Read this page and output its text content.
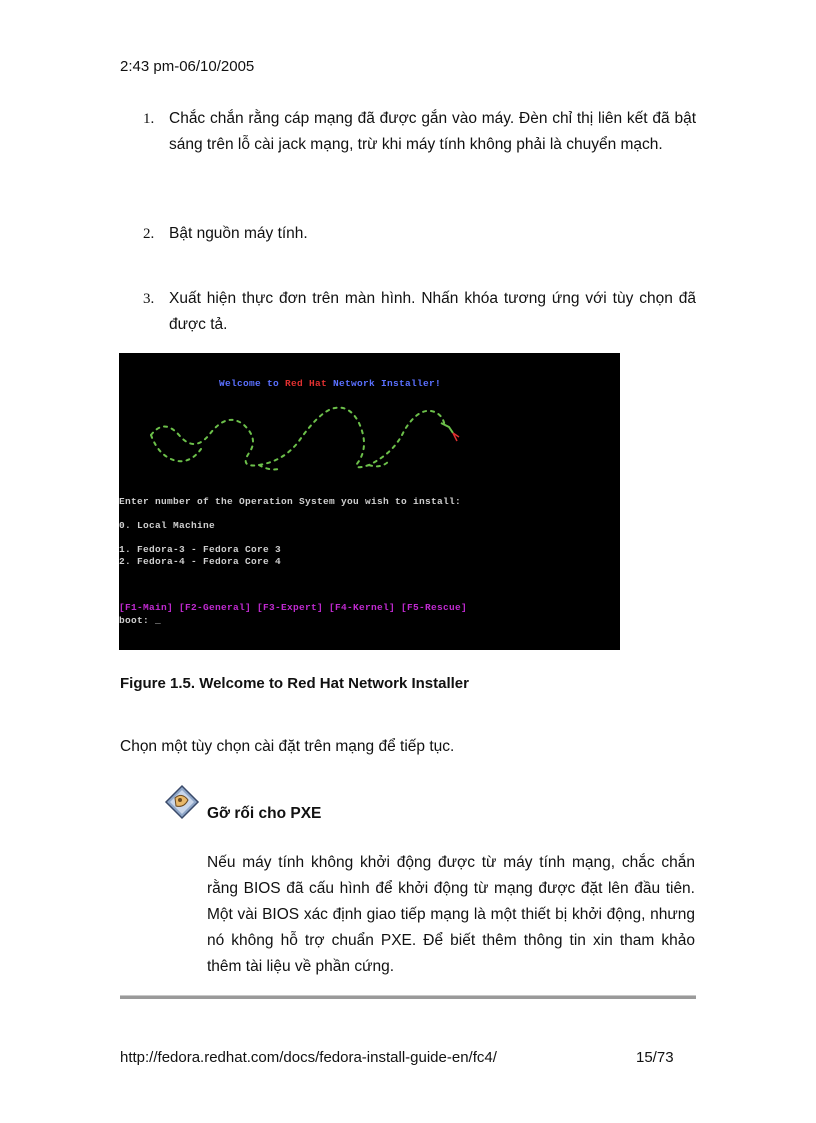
2:43 pm-06/10/2005
1. Chắc chắn rằng cáp mạng đã được gắn vào máy. Đèn chỉ thị liên kết đã bật sáng trên lỗ cài jack mạng, trừ khi máy tính không phải là chuyển mạch.
2. Bật nguồn máy tính.
3. Xuất hiện thực đơn trên màn hình. Nhấn khóa tương ứng với tùy chọn đã được tả.
Welcome to Red Hat Network Installer!
Enter number of the Operation System you wish to install:
0. Local Machine
1. Fedora-3 - Fedora Core 3
2. Fedora-4 - Fedora Core 4
[F1-Main] [F2-General] [F3-Expert] [F4-Kernel] [F5-Rescue]
boot: _
Figure 1.5. Welcome to Red Hat Network Installer
Chọn một tùy chọn cài đặt trên mạng để tiếp tục.
Gỡ rối cho PXE
Nếu máy tính không khởi động được từ máy tính mạng, chắc chắn rằng BIOS đã cấu hình để khởi động từ mạng được đặt lên đầu tiên. Một vài BIOS xác định giao tiếp mạng là một thiết bị khởi động, nhưng nó không hỗ trợ chuẩn PXE. Để biết thêm thông tin xin tham khảo thêm tài liệu về phần cứng.
http://fedora.redhat.com/docs/fedora-install-guide-en/fc4/	15/73
